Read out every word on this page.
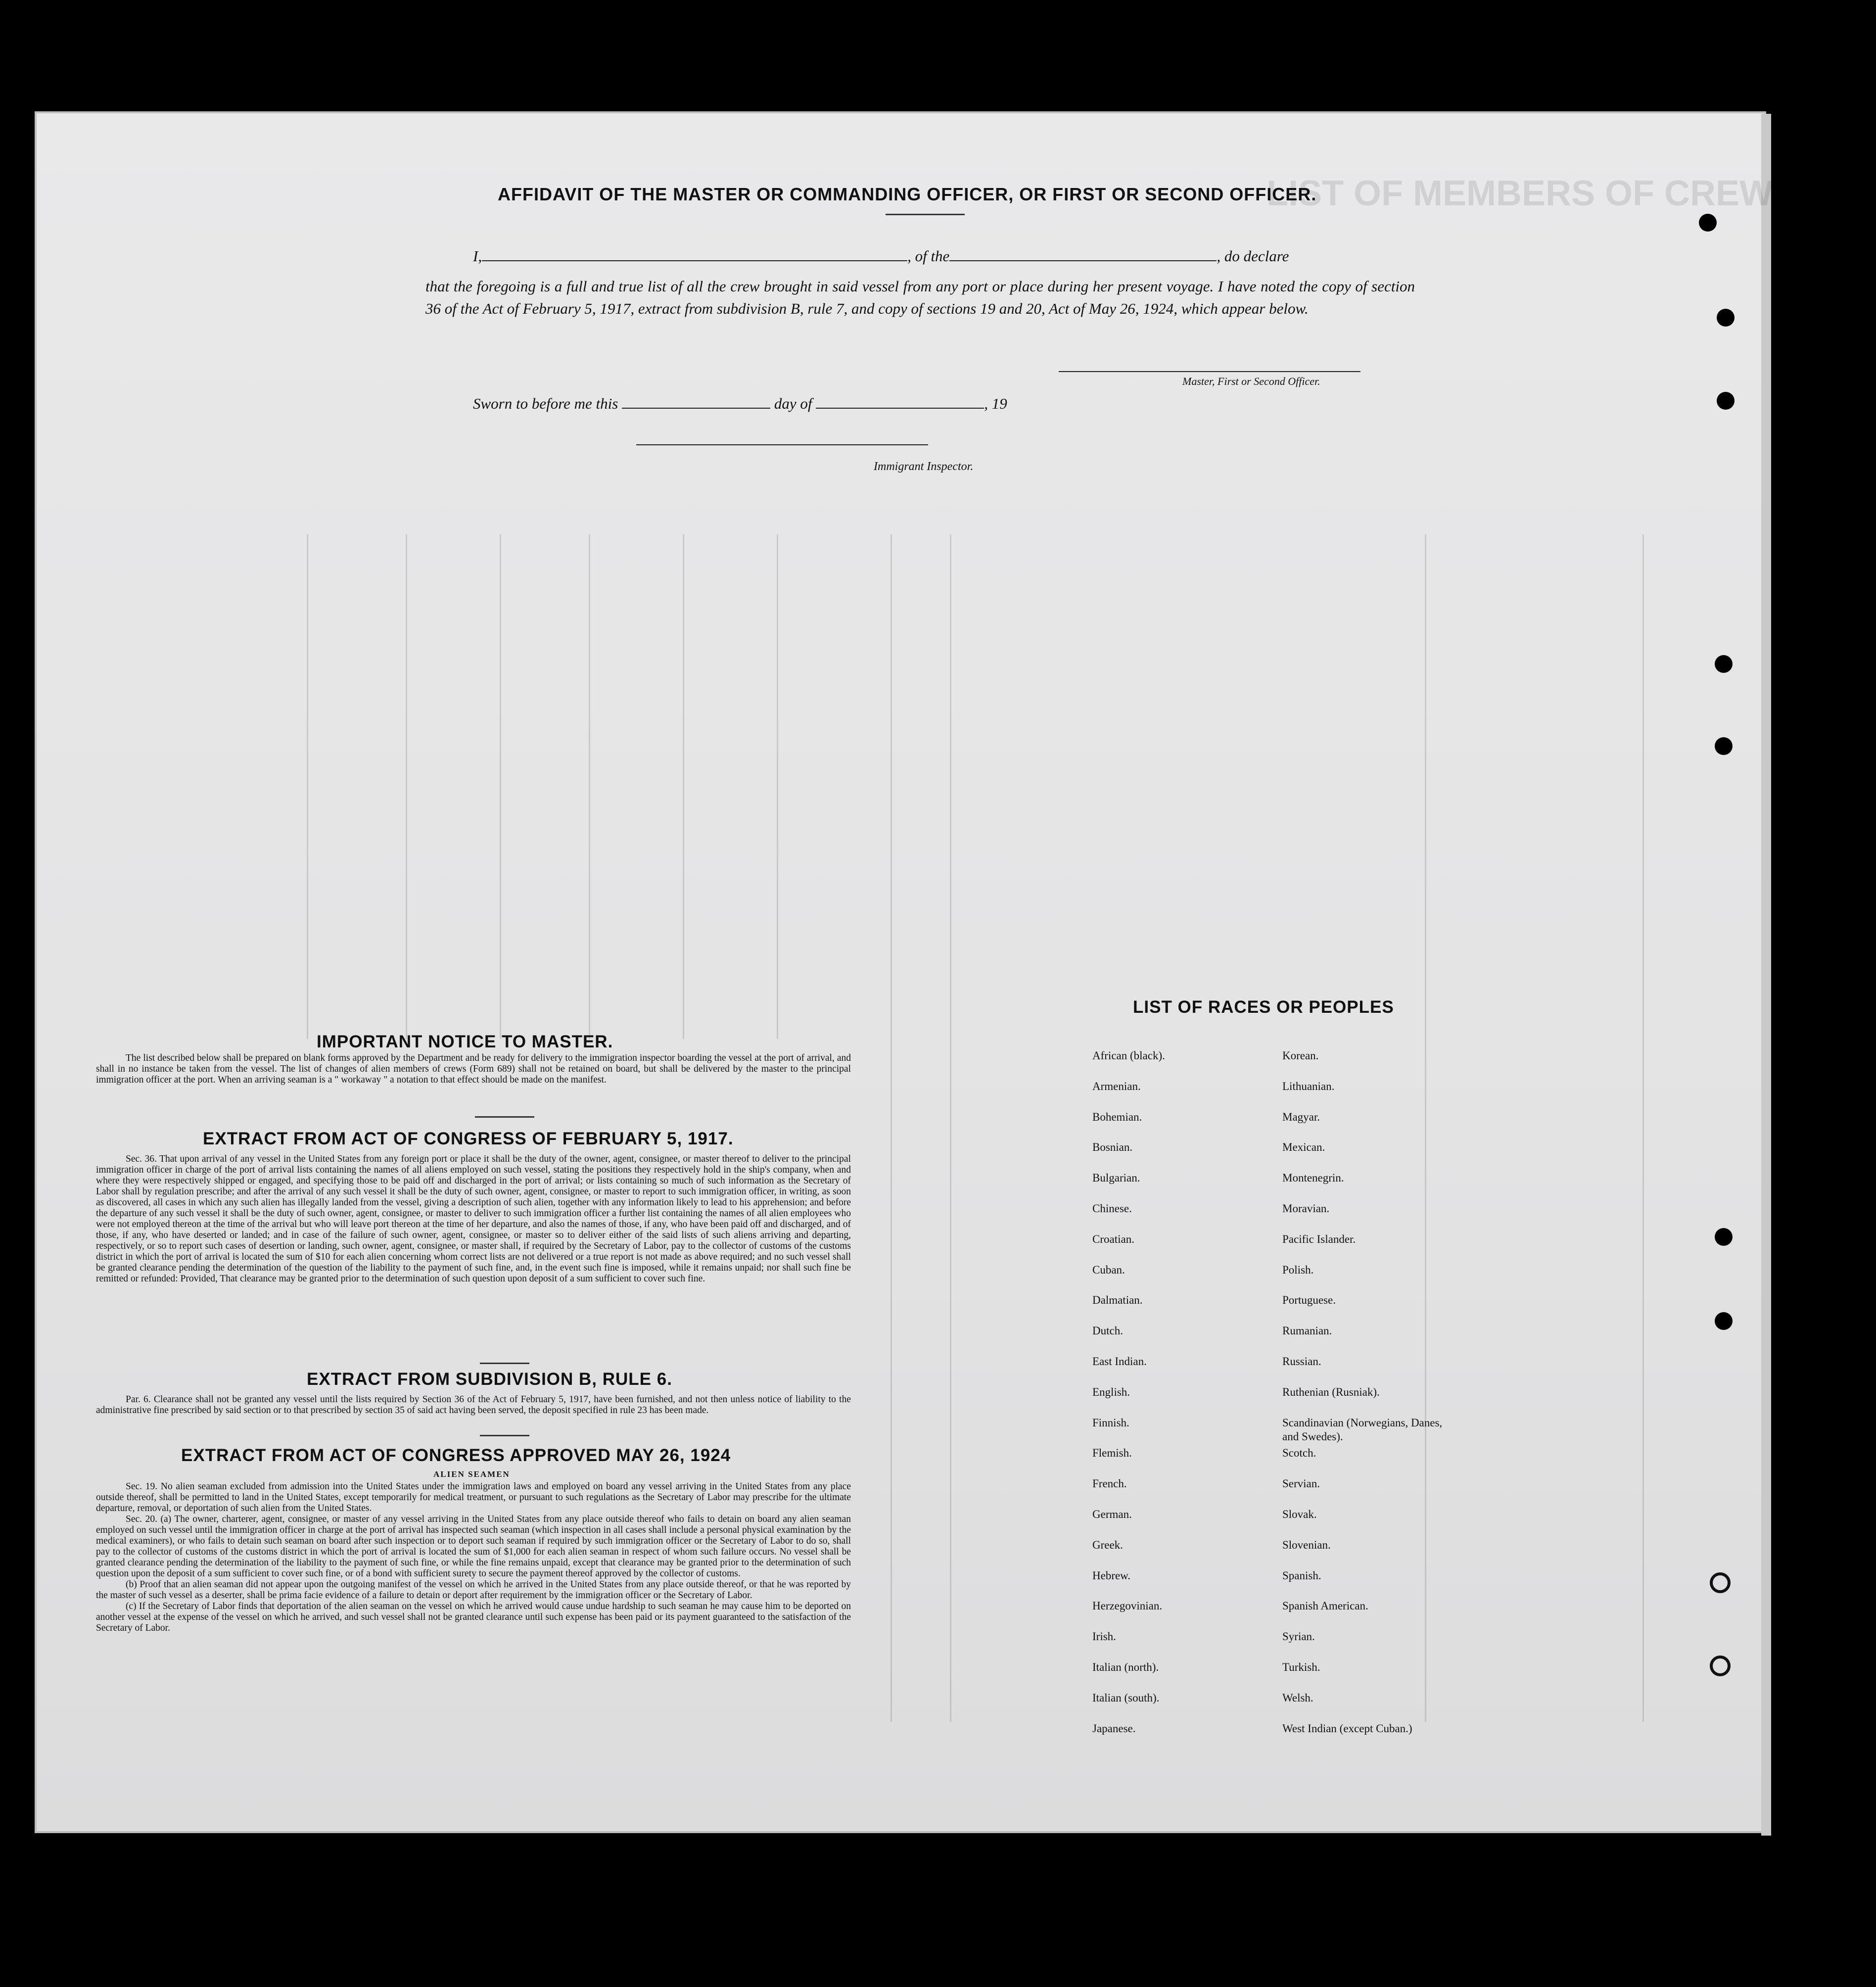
LIST OF MEMBERS OF CREW
AFFIDAVIT OF THE MASTER OR COMMANDING OFFICER, OR FIRST OR SECOND OFFICER.
I,	, of the	, do declare
that the foregoing is a full and true list of all the crew brought in said vessel from any port or place during her present voyage. I have noted the copy of section 36 of the Act of February 5, 1917, extract from subdivision B, rule 7, and copy of sections 19 and 20, Act of May 26, 1924, which appear below.
Master, First or Second Officer.
Sworn to before me this	day of	, 19
Immigrant Inspector.
IMPORTANT NOTICE TO MASTER.

The list described below shall be prepared on blank forms approved by the Department and be ready for delivery to the immigration inspector boarding the vessel at the port of arrival, and shall in no instance be taken from the vessel. The list of changes of alien members of crews (Form 689) shall not be retained on board, but shall be delivered by the master to the principal immigration officer at the port. When an arriving seaman is a " workaway " a notation to that effect should be made on the manifest.

EXTRACT FROM ACT OF CONGRESS OF FEBRUARY 5, 1917.

Sec. 36. That upon arrival of any vessel in the United States from any foreign port or place it shall be the duty of the owner, agent, consignee, or master thereof to deliver to the principal immigration officer in charge of the port of arrival lists containing the names of all aliens employed on such vessel, stating the positions they respectively hold in the ship's company, when and where they were respectively shipped or engaged, and specifying those to be paid off and discharged in the port of arrival; or lists containing so much of such information as the Secretary of Labor shall by regulation prescribe; and after the arrival of any such vessel it shall be the duty of such owner, agent, consignee, or master to report to such immigration officer, in writing, as soon as discovered, all cases in which any such alien has illegally landed from the vessel, giving a description of such alien, together with any information likely to lead to his apprehension; and before the departure of any such vessel it shall be the duty of such owner, agent, consignee, or master to deliver to such immigration officer a further list containing the names of all alien employees who were not employed thereon at the time of the arrival but who will leave port thereon at the time of her departure, and also the names of those, if any, who have been paid off and discharged, and of those, if any, who have deserted or landed; and in case of the failure of such owner, agent, consignee, or master so to deliver either of the said lists of such aliens arriving and departing, respectively, or so to report such cases of desertion or landing, such owner, agent, consignee, or master shall, if required by the Secretary of Labor, pay to the collector of customs of the customs district in which the port of arrival is located the sum of $10 for each alien concerning whom correct lists are not delivered or a true report is not made as above required; and no such vessel shall be granted clearance pending the determination of the question of the liability to the payment of such fine, and, in the event such fine is imposed, while it remains unpaid; nor shall such fine be remitted or refunded: Provided, That clearance may be granted prior to the determination of such question upon deposit of a sum sufficient to cover such fine.

EXTRACT FROM SUBDIVISION B, RULE 6.

Par. 6. Clearance shall not be granted any vessel until the lists required by Section 36 of the Act of February 5, 1917, have been furnished, and not then unless notice of liability to the administrative fine prescribed by said section or to that prescribed by section 35 of said act having been served, the deposit specified in rule 23 has been made.

EXTRACT FROM ACT OF CONGRESS APPROVED MAY 26, 1924
ALIEN SEAMEN

Sec. 19. No alien seaman excluded from admission into the United States under the immigration laws and employed on board any vessel arriving in the United States from any place outside thereof, shall be permitted to land in the United States, except temporarily for medical treatment, or pursuant to such regulations as the Secretary of Labor may prescribe for the ultimate departure, removal, or deportation of such alien from the United States.

Sec. 20. (a) The owner, charterer, agent, consignee, or master of any vessel arriving in the United States from any place outside thereof who fails to detain on board any alien seaman employed on such vessel until the immigration officer in charge at the port of arrival has inspected such seaman (which inspection in all cases shall include a personal physical examination by the medical examiners), or who fails to detain such seaman on board after such inspection or to deport such seaman if required by such immigration officer or the Secretary of Labor to do so, shall pay to the collector of customs of the customs district in which the port of arrival is located the sum of $1,000 for each alien seaman in respect of whom such failure occurs. No vessel shall be granted clearance pending the determination of the liability to the payment of such fine, or while the fine remains unpaid, except that clearance may be granted prior to the determination of such question upon the deposit of a sum sufficient to cover such fine, or of a bond with sufficient surety to secure the payment thereof approved by the collector of customs.

(b) Proof that an alien seaman did not appear upon the outgoing manifest of the vessel on which he arrived in the United States from any place outside thereof, or that he was reported by the master of such vessel as a deserter, shall be prima facie evidence of a failure to detain or deport after requirement by the immigration officer or the Secretary of Labor.

(c) If the Secretary of Labor finds that deportation of the alien seaman on the vessel on which he arrived would cause undue hardship to such seaman he may cause him to be deported on another vessel at the expense of the vessel on which he arrived, and such vessel shall not be granted clearance until such expense has been paid or its payment guaranteed to the satisfaction of the Secretary of Labor.

LIST OF RACES OR PEOPLES
African (black).
Armenian.
Bohemian.
Bosnian.
Bulgarian.
Chinese.
Croatian.
Cuban.
Dalmatian.
Dutch.
East Indian.
English.
Finnish.
Flemish.
French.
German.
Greek.
Hebrew.
Herzegovinian.
Irish.
Italian (north).
Italian (south).
Japanese.
Korean.
Lithuanian.
Magyar.
Mexican.
Montenegrin.
Moravian.
Pacific Islander.
Polish.
Portuguese.
Rumanian.
Russian.
Ruthenian (Rusniak).
Scandinavian (Norwegians, Danes, and Swedes).
Scotch.
Servian.
Slovak.
Slovenian.
Spanish.
Spanish American.
Syrian.
Turkish.
Welsh.
West Indian (except Cuban.)
